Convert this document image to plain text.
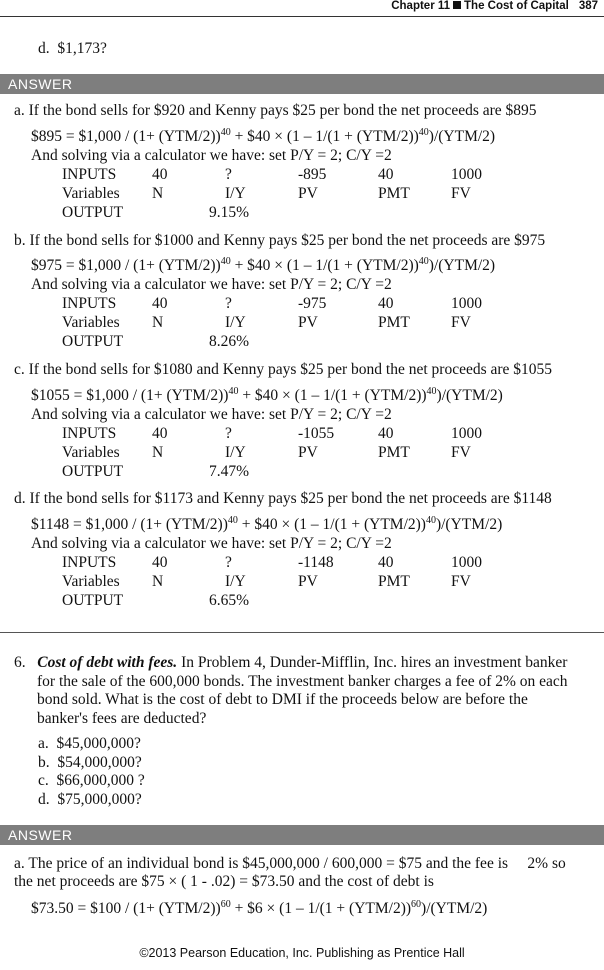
Chapter 11 The Cost of Capital 387
d. $1,173?
ANSWER
a. If the bond sells for $920 and Kenny pays $25 per bond the net proceeds are $895
$895 = $1,000 / $(1+ (YTM/2))^{40}$ + $40 × $(1 - 1/(1 + (YTM/2))^{40})/(YTM/2)$
And solving via a calculator we have: set P/Y = 2; C/Y =2
INPUTS 40	?	-895	40	1000
Variables N	I/Y	PV	PMT	FV
OUTPUT	9.15%
b. If the bond sells for $1000 and Kenny pays $25 per bond the net proceeds are $975
$975 = $1,000 / $(1+ (YTM/2))^{40}$ + $40 × $(1 - 1/(1 + (YTM/2))^{40})/(YTM/2)$
And solving via a calculator we have: set P/Y = 2; C/Y =2
INPUTS 40	?	-975	40	1000
Variables N	I/Y	PV	PMT	FV
OUTPUT	8.26%
c. If the bond sells for $1080 and Kenny pays $25 per bond the net proceeds are $1055
$1055 = $1,000 / $(1+ (YTM/2))^{40}$ + $40 × $(1 - 1/(1 + (YTM/2))^{40})/(YTM/2)$
And solving via a calculator we have: set P/Y = 2; C/Y =2
INPUTS 40	?	-1055	40	1000
Variables N	I/Y	PV	PMT	FV
OUTPUT	7.47%
d. If the bond sells for $1173 and Kenny pays $25 per bond the net proceeds are $1148
$1148 = $1,000 / $(1+ (YTM/2))^{40}$ + $40 × $(1 - 1/(1 + (YTM/2))^{40})/(YTM/2)$
And solving via a calculator we have: set P/Y = 2; C/Y =2
INPUTS 40	?	-1148	40	1000
Variables N	I/Y	PV	PMT	FV
OUTPUT	6.65%
6. Cost of debt with fees. In Problem 4, Dunder-Mifflin, Inc. hires an investment banker
for the sale of the 600,000 bonds. The investment banker charges a fee of 2% on each
bond sold. What is the cost of debt to DMI if the proceeds below are before the
banker's fees are deducted?
a. $45,000,000?
b. $54,000,000?
c. $66,000,000 ?
d. $75,000,000?
ANSWER
a. The price of an individual bond is $45,000,000 / 600,000 = $75 and the fee is 2% so
the net proceeds are $75 × ( 1 - .02) = $73.50 and the cost of debt is
$73.50 = $100 / $(1+ (YTM/2))^{60}$ + $6 × $(1 - 1/(1 + (YTM/2))^{60})/(YTM/2)$
©2013 Pearson Education, Inc. Publishing as Prentice Hall
